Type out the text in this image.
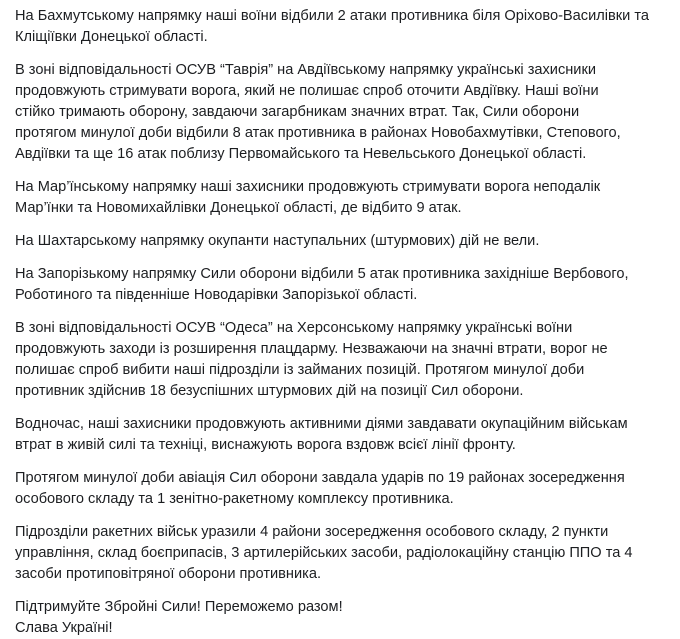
На Бахмутському напрямку наші воїни відбили 2 атаки противника біля Оріхово-Василівки та
Кліщіївки Донецької області.

В зоні відповідальності ОСУВ “Таврія” на Авдіївському напрямку українські захисники
продовжують стримувати ворога, який не полишає спроб оточити Авдіївку. Наші воїни
стійко тримають оборону, завдаючи загарбникам значних втрат. Так, Сили оборони
протягом минулої доби відбили 8 атак противника в районах Новобахмутівки, Степового,
Авдіївки та ще 16 атак поблизу Первомайського та Невельського Донецької області.

На Мар’їнському напрямку наші захисники продовжують стримувати ворога неподалік
Мар’їнки та Новомихайлівки Донецької області, де відбито 9 атак.

На Шахтарському напрямку окупанти наступальних (штурмових) дій не вели.

На Запорізькому напрямку Сили оборони відбили 5 атак противника західніше Вербового,
Роботиного та південніше Новодарівки Запорізької області.

В зоні відповідальності ОСУВ “Одеса” на Херсонському напрямку українські воїни
продовжують заходи із розширення плацдарму. Незважаючи на значні втрати, ворог не
полишає спроб вибити наші підрозділи із займаних позицій. Протягом минулої доби
противник здійснив 18 безуспішних штурмових дій на позиції Сил оборони.

Водночас, наші захисники продовжують активними діями завдавати окупаційним військам
втрат в живій силі та техніці, виснажують ворога вздовж всієї лінії фронту.

Протягом минулої доби авіація Сил оборони завдала ударів по 19 районах зосередження
особового складу та 1 зенітно-ракетному комплексу противника.

Підрозділи ракетних військ уразили 4 райони зосередження особового складу, 2 пункти
управління, склад боєприпасів, 3 артилерійських засоби, радіолокаційну станцію ППО та 4
засоби протиповітряної оборони противника.

Підтримуйте Збройні Сили! Переможемо разом!
Слава Україні!
